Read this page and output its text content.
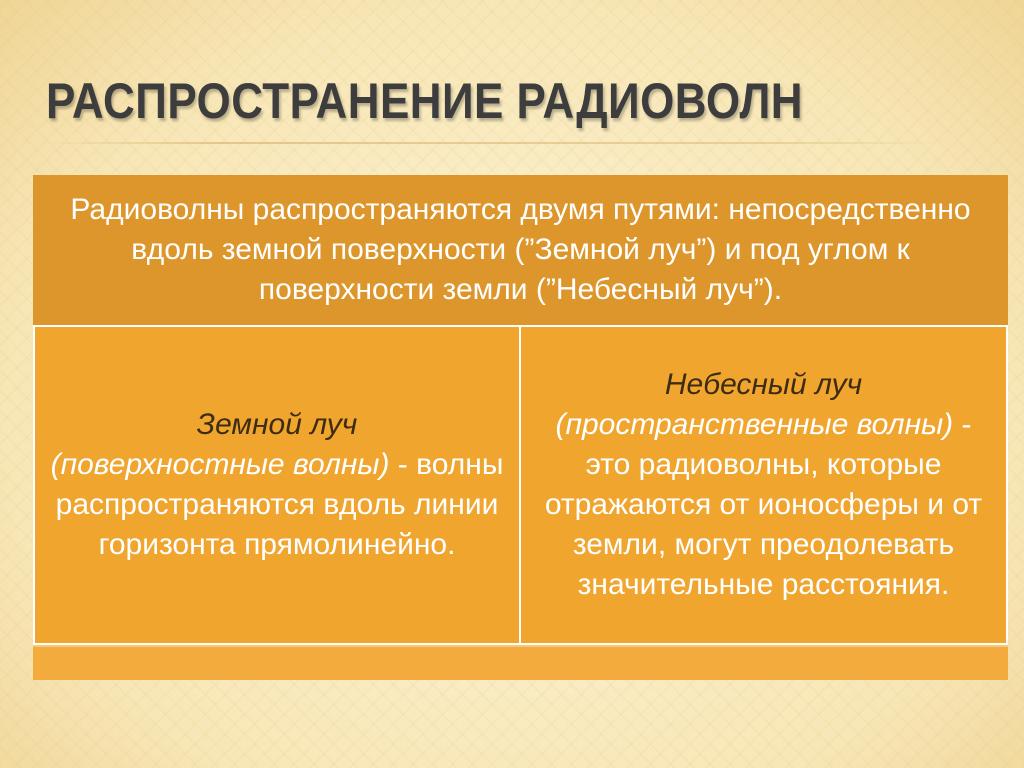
РАСПРОСТРАНЕНИЕ РАДИОВОЛН

Радиоволны распространяются двумя путями: непосредственно вдоль земной поверхности (”Земной луч”) и под углом к поверхности земли (”Небесный луч”).

Земной луч
(поверхностные волны) - волны распространяются вдоль линии горизонта прямолинейно.

Небесный луч
(пространственные волны) - это радиоволны, которые отражаются от ионосферы и от земли, могут преодолевать значительные расстояния.
